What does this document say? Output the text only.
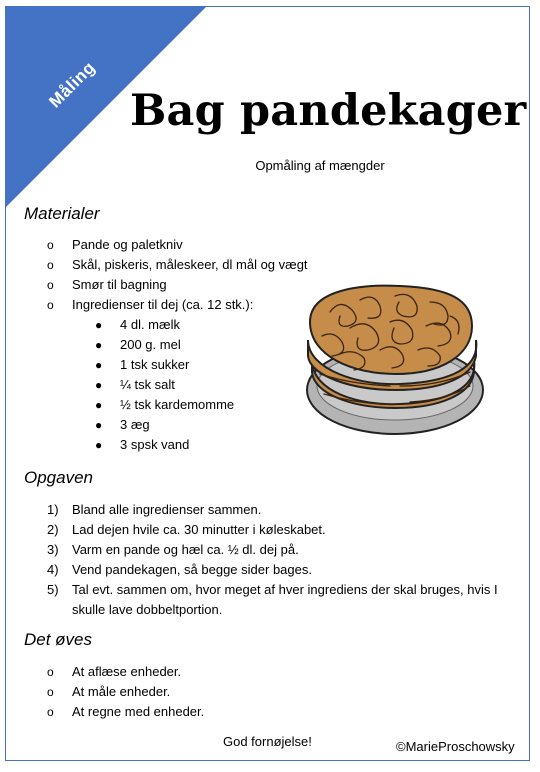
Måling Bag pandekager
Opmåling af mængder
Materialer
o Pande og paletkniv
o Skål, piskeris, måleskeer, dl mål og vægt
o Smør til bagning
o Ingredienser til dej (ca. 12 stk.):
● 4 dl. mælk
● 200 g. mel
● 1 tsk sukker
● ¼ tsk salt
● ½ tsk kardemomme
● 3 æg
● 3 spsk vand
Opgaven
1) Bland alle ingredienser sammen.
2) Lad dejen hvile ca. 30 minutter i køleskabet.
3) Varm en pande og hæl ca. ½ dl. dej på.
4) Vend pandekagen, så begge sider bages.
5) Tal evt. sammen om, hvor meget af hver ingrediens der skal bruges, hvis I
skulle lave dobbeltportion.
Det øves
o At aflæse enheder.
o At måle enheder.
o At regne med enheder.
God fornøjelse!	©MarieProschowsky
